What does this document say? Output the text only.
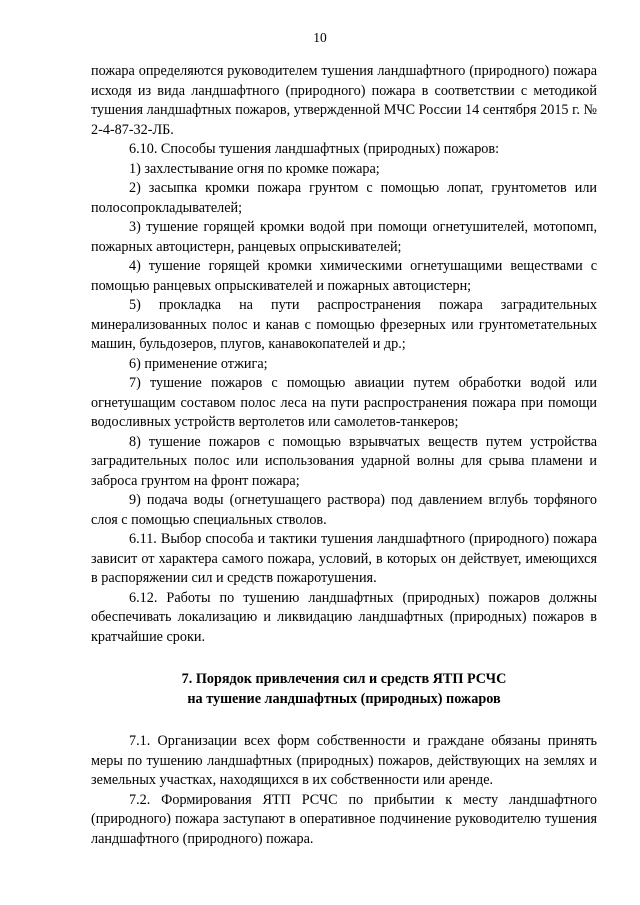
10

пожара определяются руководителем тушения ландшафтного (природного) пожара исходя из вида ландшафтного (природного) пожара в соответствии с методикой тушения ландшафтных пожаров, утвержденной МЧС России 14 сентября 2015 г. № 2-4-87-32-ЛБ.

6.10. Способы тушения ландшафтных (природных) пожаров:

1) захлестывание огня по кромке пожара;

2) засыпка кромки пожара грунтом с помощью лопат, грунтометов или полосопрокладывателей;

3) тушение горящей кромки водой при помощи огнетушителей, мотопомп, пожарных автоцистерн, ранцевых опрыскивателей;

4) тушение горящей кромки химическими огнетушащими веществами с помощью ранцевых опрыскивателей и пожарных автоцистерн;

5) прокладка на пути распространения пожара заградительных минерализованных полос и канав с помощью фрезерных или грунтометательных машин, бульдозеров, плугов, канавокопателей и др.;

6) применение отжига;

7) тушение пожаров с помощью авиации путем обработки водой или огнетушащим составом полос леса на пути распространения пожара при помощи водосливных устройств вертолетов или самолетов-танкеров;

8) тушение пожаров с помощью взрывчатых веществ путем устройства заградительных полос или использования ударной волны для срыва пламени и заброса грунтом на фронт пожара;

9) подача воды (огнетушащего раствора) под давлением вглубь торфяного слоя с помощью специальных стволов.

6.11. Выбор способа и тактики тушения ландшафтного (природного) пожара зависит от характера самого пожара, условий, в которых он действует, имеющихся в распоряжении сил и средств пожаротушения.

6.12. Работы по тушению ландшафтных (природных) пожаров должны обеспечивать локализацию и ликвидацию ландшафтных (природных) пожаров в кратчайшие сроки.

7. Порядок привлечения сил и средств ЯТП РСЧС
на тушение ландшафтных (природных) пожаров

7.1. Организации всех форм собственности и граждане обязаны принять меры по тушению ландшафтных (природных) пожаров, действующих на землях и земельных участках, находящихся в их собственности или аренде.

7.2. Формирования ЯТП РСЧС по прибытии к месту ландшафтного (природного) пожара заступают в оперативное подчинение руководителю тушения ландшафтного (природного) пожара.
